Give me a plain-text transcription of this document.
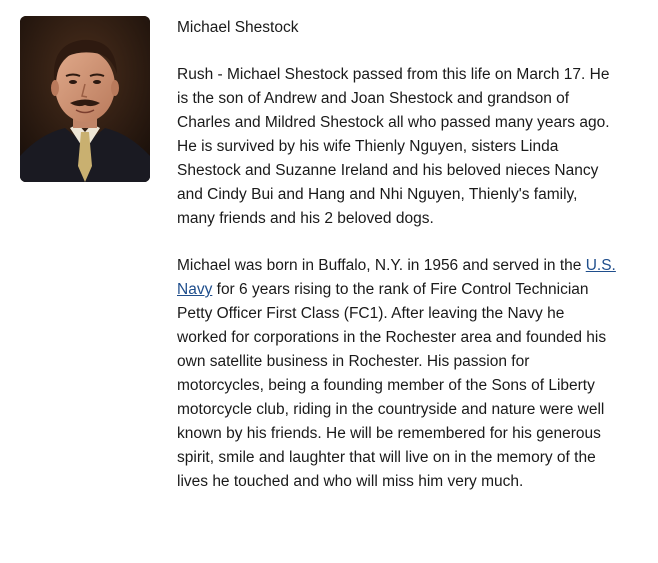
Michael Shestock

Rush - Michael Shestock passed from this life on March 17. He is the son of Andrew and Joan Shestock and grandson of Charles and Mildred Shestock all who passed many years ago. He is survived by his wife Thienly Nguyen, sisters Linda Shestock and Suzanne Ireland and his beloved nieces Nancy and Cindy Bui and Hang and Nhi Nguyen, Thienly's family, many friends and his 2 beloved dogs.

Michael was born in Buffalo, N.Y. in 1956 and served in the U.S. Navy for 6 years rising to the rank of Fire Control Technician Petty Officer First Class (FC1). After leaving the Navy he worked for corporations in the Rochester area and founded his own satellite business in Rochester. His passion for motorcycles, being a founding member of the Sons of Liberty motorcycle club, riding in the countryside and nature were well known by his friends. He will be remembered for his generous spirit, smile and laughter that will live on in the memory of the lives he touched and who will miss him very much.
